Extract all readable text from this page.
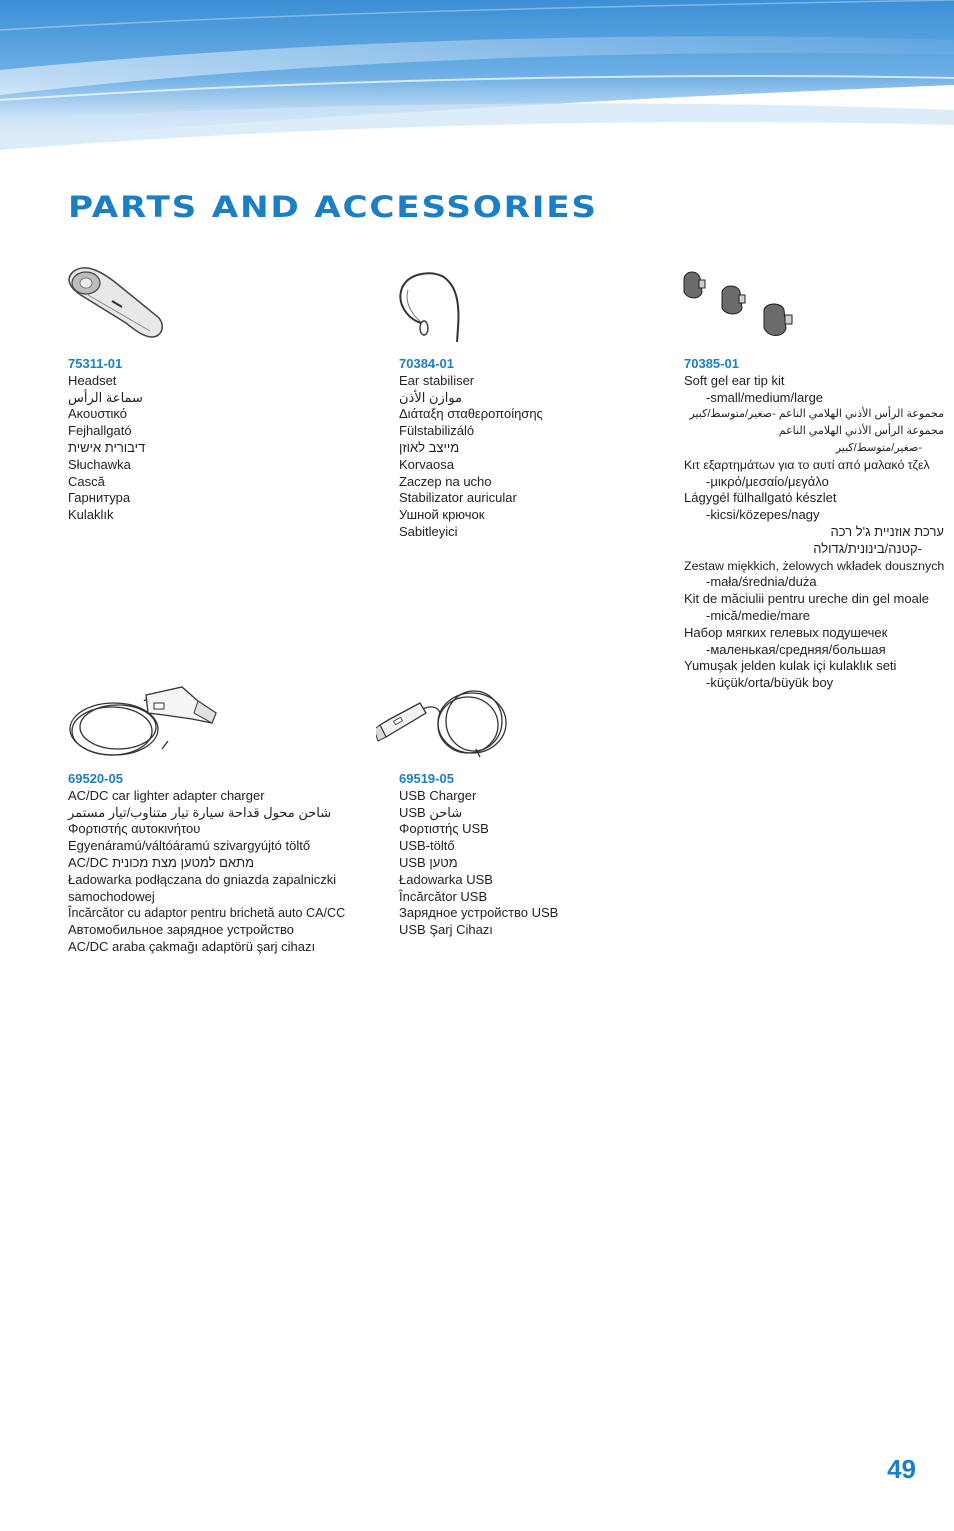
PARTS AND ACCESSORIES
75311-01
Headset
سماعة الرأس
Ακουστικό
Fejhallgató
דיבורית אישית
Słuchawka
Cască
Гарнитура
Kulaklık
70384-01
Ear stabiliser
موازن الأذن
Διάταξη σταθεροποίησης
Fülstabilizáló
מייצב לאוזן
Korvaosa
Zaczep na ucho
Stabilizator auricular
Ушной крючок
Sabitleyici
70385-01
Soft gel ear tip kit
-small/medium/large
مجموعة الرأس الأذني الهلامي الناعم -صغير/متوسط/كبير
مجموعة الرأس الأذني الهلامي الناعم
-صغير/متوسط/كبير
Κιτ εξαρτημάτων για το αυτί από μαλακό τζελ
-μικρό/μεσαίο/μεγάλο
Lágygél fülhallgató készlet
-kicsi/közepes/nagy
ערכת אוזניית ג'ל רכה
-קטנה/בינונית/גדולה
Zestaw miękkich, żelowych wkładek dousznych
-mała/średnia/duża
Kit de măciulii pentru ureche din gel moale
-mică/medie/mare
Набор мягких гелевых подушечек
-маленькая/средняя/большая
Yumuşak jelden kulak içi kulaklık seti
-küçük/orta/büyük boy
69520-05
AC/DC car lighter adapter charger
شاحن محول قداحة سيارة تيار متناوب/تيار مستمر
Φορτιστής αυτοκινήτου
Egyenáramú/váltóáramú szivargyújtó töltő
מתאם למטען מצת מכונית AC/DC
Ładowarka podłączana do gniazda zapalniczki
samochodowej
Încărcător cu adaptor pentru brichetă auto CA/CC
Автомобильное зарядное устройство
AC/DC araba çakmağı adaptörü şarj cihazı
69519-05
USB Charger
شاحن USB
Φορτιστής USB
USB-töltő
מטען USB
Ładowarka USB
Încărcător USB
Зарядное устройство USB
USB Şarj Cihazı
49
